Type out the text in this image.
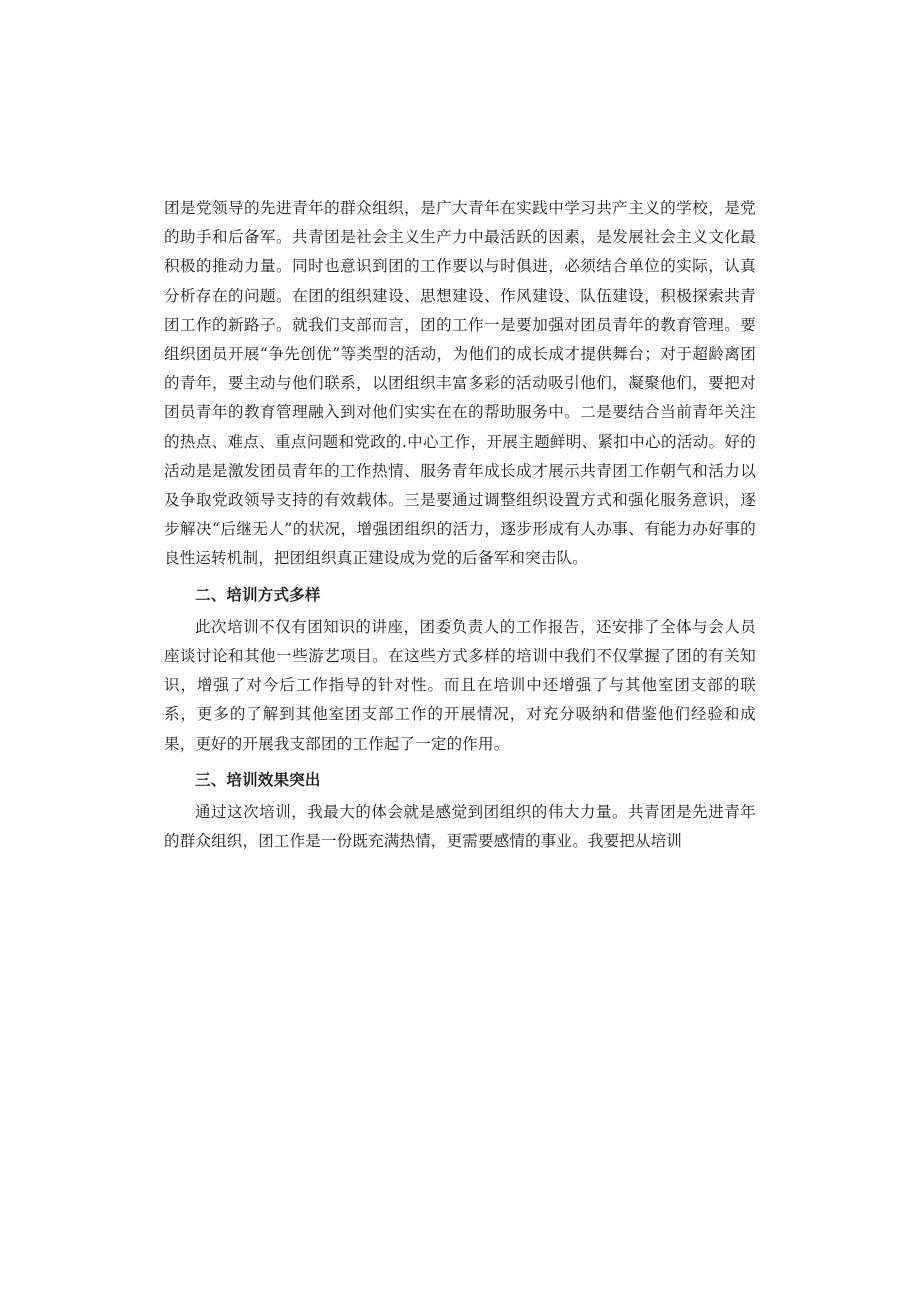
团是党领导的先进青年的群众组织，是广大青年在实践中学习共产主义的学校，是党的助手和后备军。共青团是社会主义生产力中最活跃的因素，是发展社会主义文化最积极的推动力量。同时也意识到团的工作要以与时俱进，必须结合单位的实际，认真分析存在的问题。在团的组织建设、思想建设、作风建设、队伍建设，积极探索共青团工作的新路子。就我们支部而言，团的工作一是要加强对团员青年的教育管理。要组织团员开展“争先创优”等类型的活动，为他们的成长成才提供舞台；对于超龄离团的青年，要主动与他们联系，以团组织丰富多彩的活动吸引他们，凝聚他们，要把对团员青年的教育管理融入到对他们实实在在的帮助服务中。二是要结合当前青年关注的热点、难点、重点问题和党政的.中心工作，开展主题鲜明、紧扣中心的活动。好的活动是是激发团员青年的工作热情、服务青年成长成才展示共青团工作朝气和活力以及争取党政领导支持的有效载体。三是要通过调整组织设置方式和强化服务意识，逐步解决“后继无人”的状况，增强团组织的活力，逐步形成有人办事、有能力办好事的良性运转机制，把团组织真正建设成为党的后备军和突击队。

二、培训方式多样

此次培训不仅有团知识的讲座，团委负责人的工作报告，还安排了全体与会人员座谈讨论和其他一些游艺项目。在这些方式多样的培训中我们不仅掌握了团的有关知识，增强了对今后工作指导的针对性。而且在培训中还增强了与其他室团支部的联系，更多的了解到其他室团支部工作的开展情况，对充分吸纳和借鉴他们经验和成果，更好的开展我支部团的工作起了一定的作用。

三、培训效果突出

通过这次培训，我最大的体会就是感觉到团组织的伟大力量。共青团是先进青年的群众组织，团工作是一份既充满热情，更需要感情的事业。我要把从培训
